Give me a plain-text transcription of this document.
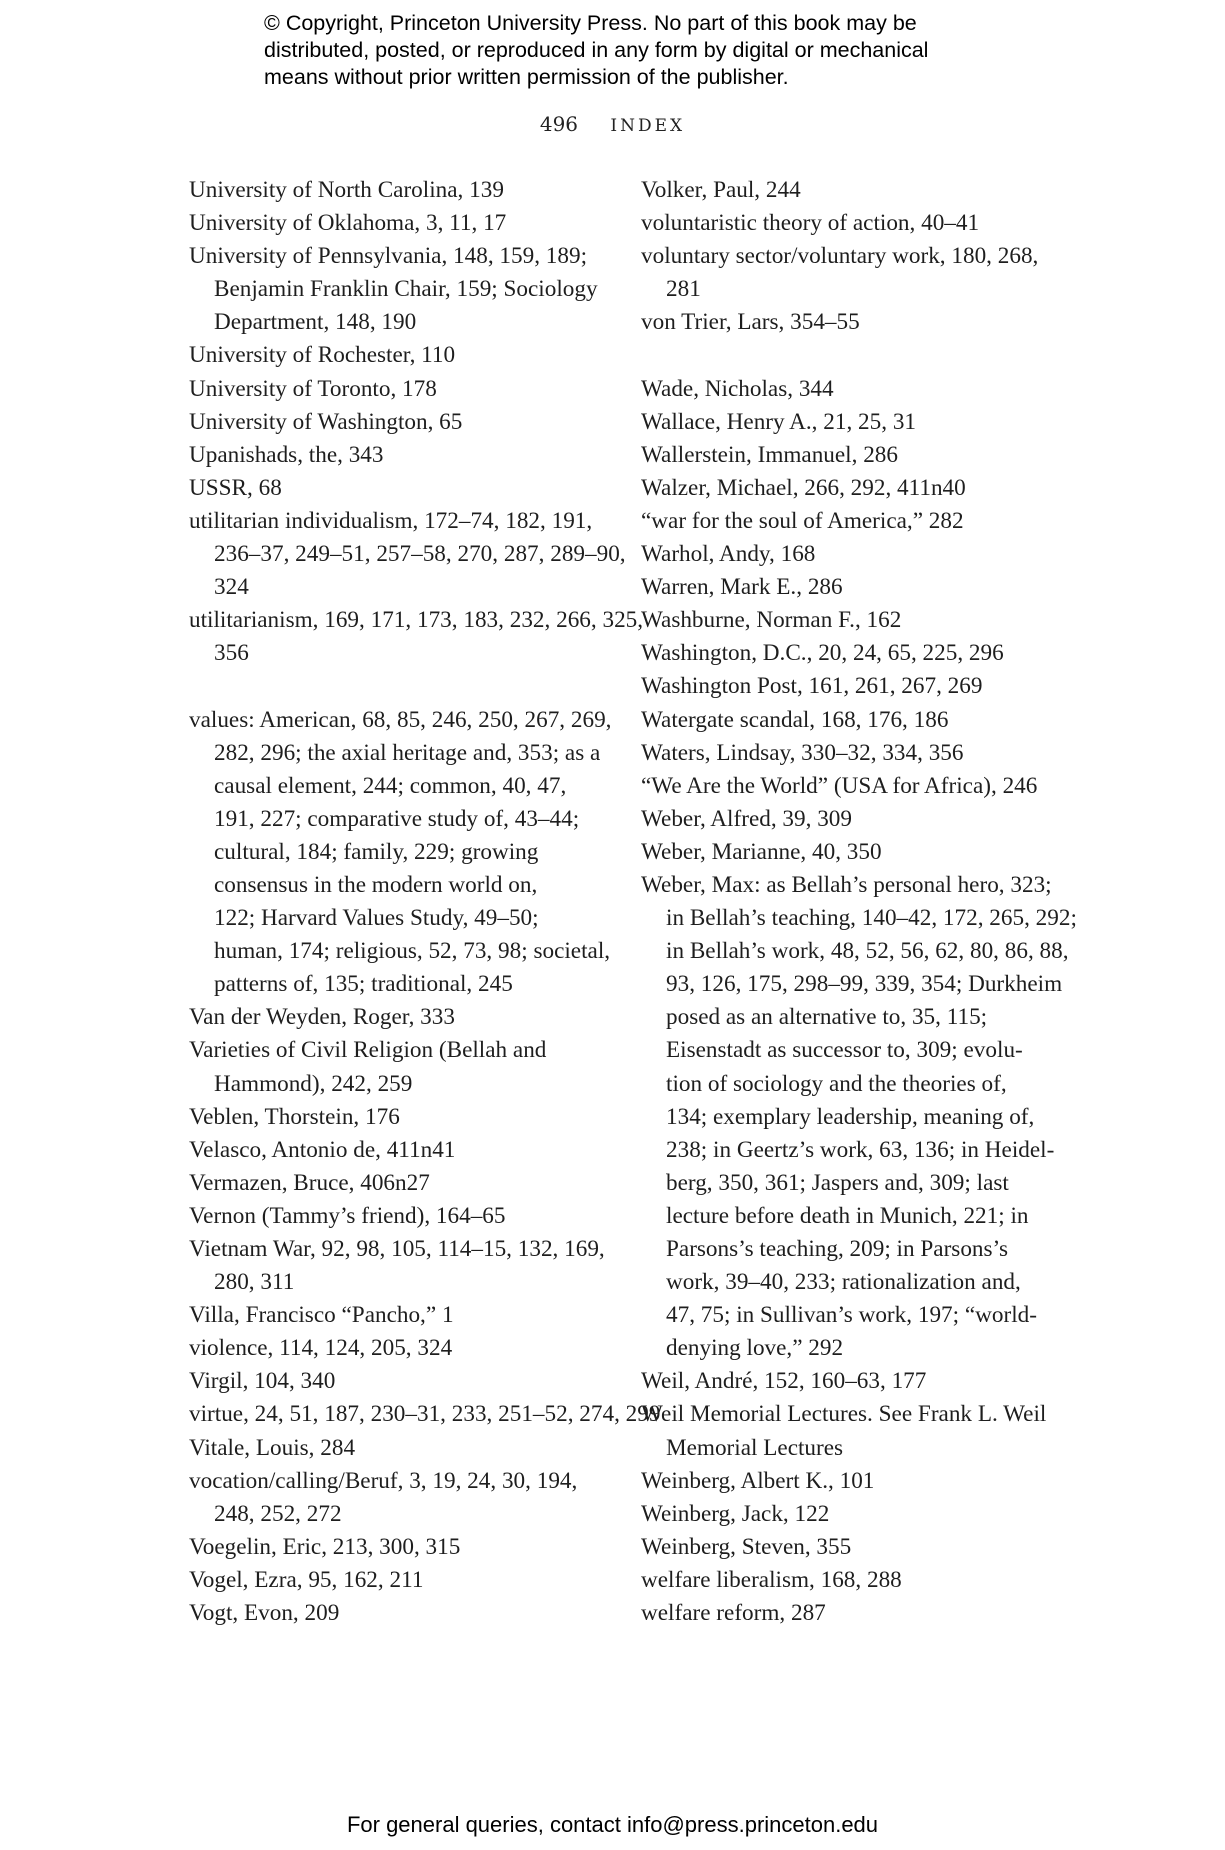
© Copyright, Princeton University Press. No part of this book may be
distributed, posted, or reproduced in any form by digital or mechanical
means without prior written permission of the publisher.
496 INDEX
University of North Carolina, 139
University of Oklahoma, 3, 11, 17
University of Pennsylvania, 148, 159, 189;
Benjamin Franklin Chair, 159; Sociology
Department, 148, 190
University of Rochester, 110
University of Toronto, 178
University of Washington, 65
Upanishads, the, 343
USSR, 68
utilitarian individualism, 172–74, 182, 191,
236–37, 249–51, 257–58, 270, 287, 289–90,
324
utilitarianism, 169, 171, 173, 183, 232, 266, 325,
356
values: American, 68, 85, 246, 250, 267, 269,
282, 296; the axial heritage and, 353; as a
causal element, 244; common, 40, 47,
191, 227; comparative study of, 43–44;
cultural, 184; family, 229; growing
consensus in the modern world on,
122; Harvard Values Study, 49–50;
human, 174; religious, 52, 73, 98; societal,
patterns of, 135; traditional, 245
Van der Weyden, Roger, 333
Varieties of Civil Religion (Bellah and
Hammond), 242, 259
Veblen, Thorstein, 176
Velasco, Antonio de, 411n41
Vermazen, Bruce, 406n27
Vernon (Tammy’s friend), 164–65
Vietnam War, 92, 98, 105, 114–15, 132, 169,
280, 311
Villa, Francisco “Pancho,” 1
violence, 114, 124, 205, 324
Virgil, 104, 340
virtue, 24, 51, 187, 230–31, 233, 251–52, 274, 299
Vitale, Louis, 284
vocation/calling/Beruf, 3, 19, 24, 30, 194,
248, 252, 272
Voegelin, Eric, 213, 300, 315
Vogel, Ezra, 95, 162, 211
Vogt, Evon, 209
Volker, Paul, 244
voluntaristic theory of action, 40–41
voluntary sector/voluntary work, 180, 268,
281
von Trier, Lars, 354–55
Wade, Nicholas, 344
Wallace, Henry A., 21, 25, 31
Wallerstein, Immanuel, 286
Walzer, Michael, 266, 292, 411n40
“war for the soul of America,” 282
Warhol, Andy, 168
Warren, Mark E., 286
Washburne, Norman F., 162
Washington, D.C., 20, 24, 65, 225, 296
Washington Post, 161, 261, 267, 269
Watergate scandal, 168, 176, 186
Waters, Lindsay, 330–32, 334, 356
“We Are the World” (USA for Africa), 246
Weber, Alfred, 39, 309
Weber, Marianne, 40, 350
Weber, Max: as Bellah’s personal hero, 323;
in Bellah’s teaching, 140–42, 172, 265, 292;
in Bellah’s work, 48, 52, 56, 62, 80, 86, 88,
93, 126, 175, 298–99, 339, 354; Durkheim
posed as an alternative to, 35, 115;
Eisenstadt as successor to, 309; evolu-
tion of sociology and the theories of,
134; exemplary leadership, meaning of,
238; in Geertz’s work, 63, 136; in Heidel-
berg, 350, 361; Jaspers and, 309; last
lecture before death in Munich, 221; in
Parsons’s teaching, 209; in Parsons’s
work, 39–40, 233; rationalization and,
47, 75; in Sullivan’s work, 197; “world-
denying love,” 292
Weil, André, 152, 160–63, 177
Weil Memorial Lectures. See Frank L. Weil
Memorial Lectures
Weinberg, Albert K., 101
Weinberg, Jack, 122
Weinberg, Steven, 355
welfare liberalism, 168, 288
welfare reform, 287
For general queries, contact info@press.princeton.edu
